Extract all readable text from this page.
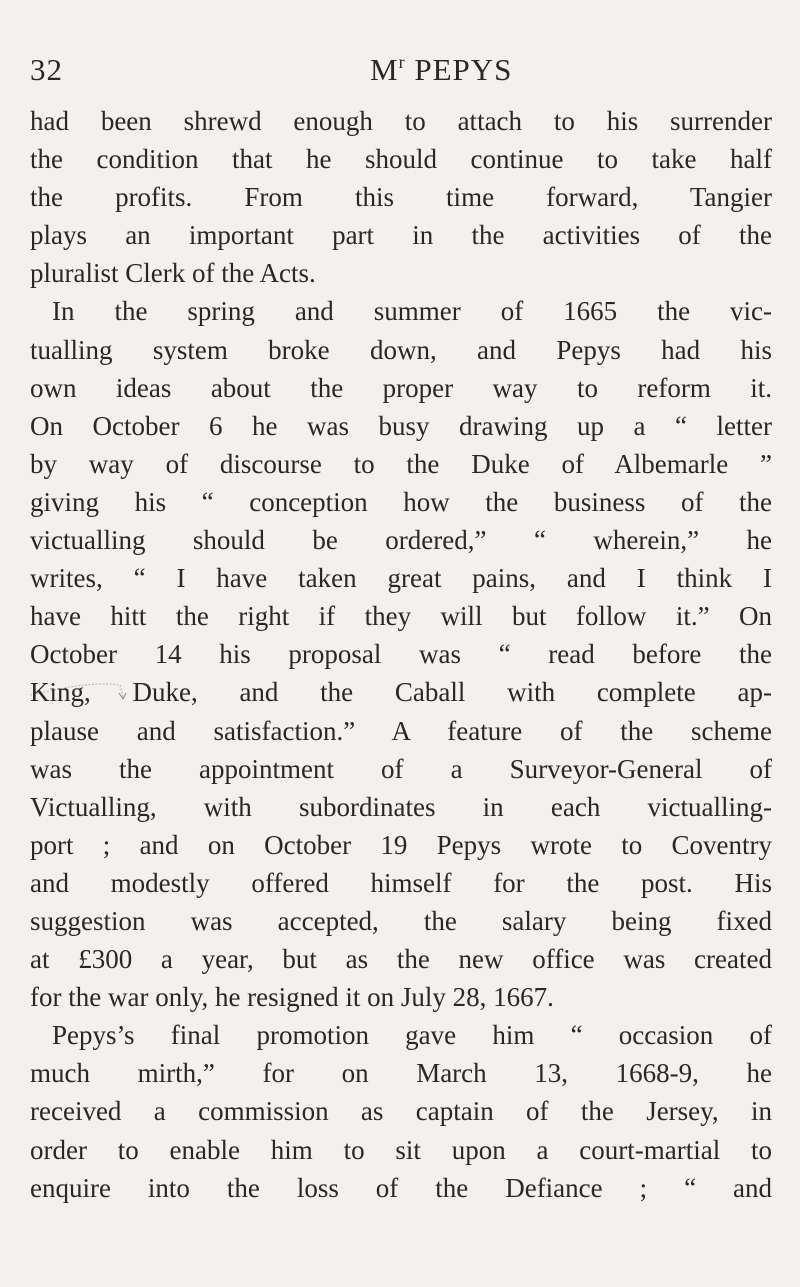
32	$M^r$ PEPYS
had been shrewd enough to attach to his surrender
the condition that he should continue to take half
the profits. From this time forward, Tangier
plays an important part in the activities of the
pluralist Clerk of the Acts.
In the spring and summer of 1665 the vic-
tualling system broke down, and Pepys had his
own ideas about the proper way to reform it.
On October 6 he was busy drawing up a “ letter
by way of discourse to the Duke of Albemarle ”
giving his “ conception how the business of the
victualling should be ordered,” “ wherein,” he
writes, “ I have taken great pains, and I think I
have hitt the right if they will but follow it.” On
October 14 his proposal was “ read before the
King, Duke, and the Caball with complete ap-
plause and satisfaction.” A feature of the scheme
was the appointment of a Surveyor-General of
Victualling, with subordinates in each victualling-
port ; and on October 19 Pepys wrote to Coventry
and modestly offered himself for the post. His
suggestion was accepted, the salary being fixed
at £300 a year, but as the new office was created
for the war only, he resigned it on July 28, 1667.
Pepys’s final promotion gave him “ occasion of
much mirth,” for on March 13, 1668-9, he
received a commission as captain of the Jersey, in
order to enable him to sit upon a court-martial to
enquire into the loss of the Defiance ; “ and
